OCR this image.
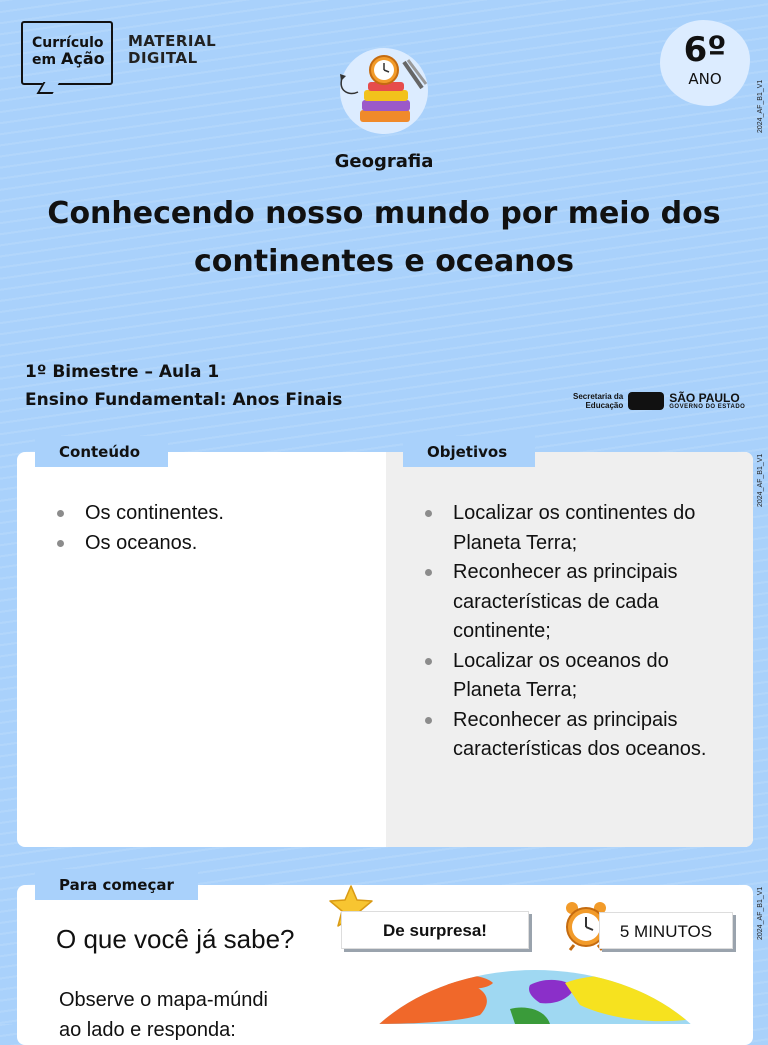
Currículo
em Ação
MATERIAL
DIGITAL	6º
ANO
2024_AF_B1_V1
Geografia
Conhecendo nosso mundo por meio dos continentes e oceanos
1º Bimestre – Aula 1
Ensino Fundamental: Anos Finais	Secretaria da
Educação
SÃO PAULO
GOVERNO DO ESTADO
Conteúdo	Objetivos
Os continentes.
Os oceanos.
Localizar os continentes do Planeta Terra;
Reconhecer as principais características de cada continente;
Localizar os oceanos do Planeta Terra;
Reconhecer as principais características dos oceanos.
2024_AF_B1_V1
Para começar
2024_AF_B1_V1
O que você já sabe?	De surpresa!	5 MINUTOS
Observe o mapa-múndi ao lado e responda:
